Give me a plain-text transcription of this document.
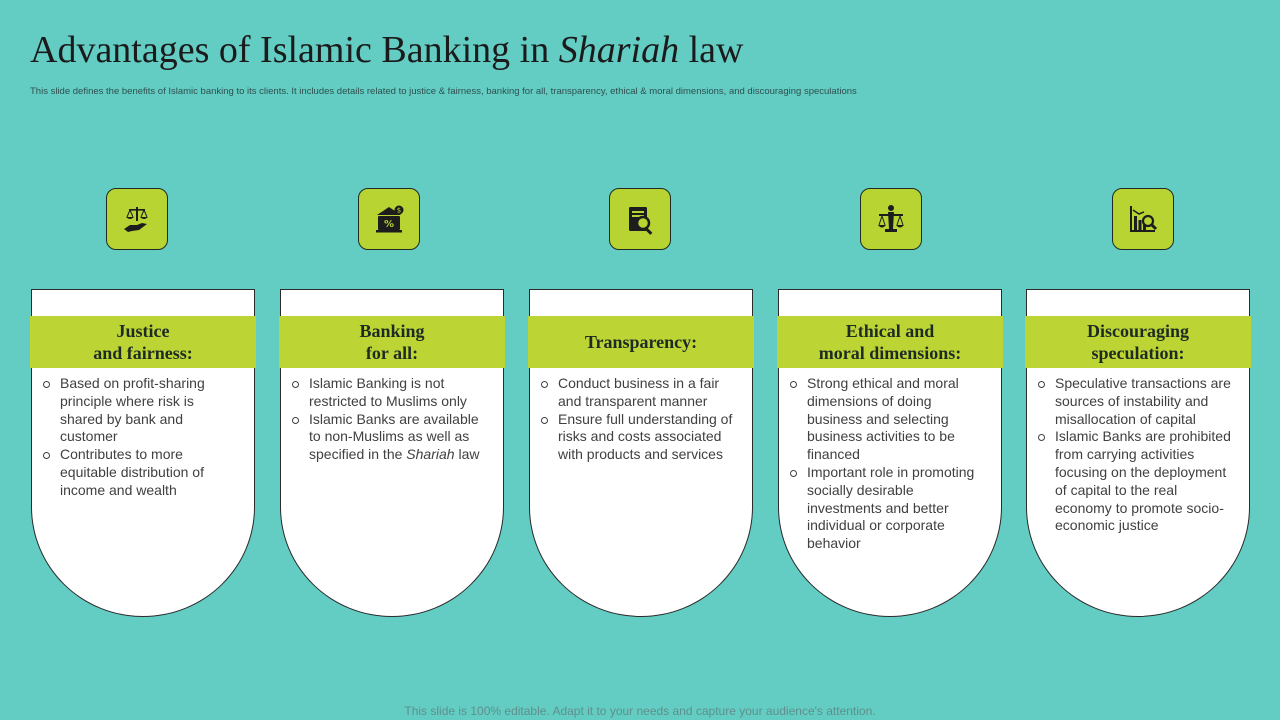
Advantages of Islamic Banking in Shariah law
This slide defines the benefits of Islamic banking to its clients. It includes details related to justice & fairness, banking for all, transparency, ethical & moral dimensions, and discouraging speculations
Justice
and fairness:
Based on profit-sharing principle where risk is shared by bank and customer
Contributes to more equitable distribution of income and wealth
$
%
Banking
for all:
Islamic Banking is not restricted to Muslims only
Islamic Banks are available to non-Muslims as well as specified in the Shariah law
Transparency:
Conduct business in a fair and transparent manner
Ensure full understanding of risks and costs associated with products and services
Ethical and
moral dimensions:
Strong ethical and moral dimensions of doing business and selecting business activities to be financed
Important role in promoting socially desirable investments and better individual or corporate behavior
Discouraging
speculation:
Speculative transactions are sources of instability and misallocation of capital
Islamic Banks are prohibited from carrying activities focusing on the deployment of capital to the real economy to promote socio-economic justice
This slide is 100% editable. Adapt it to your needs and capture your audience's attention.
